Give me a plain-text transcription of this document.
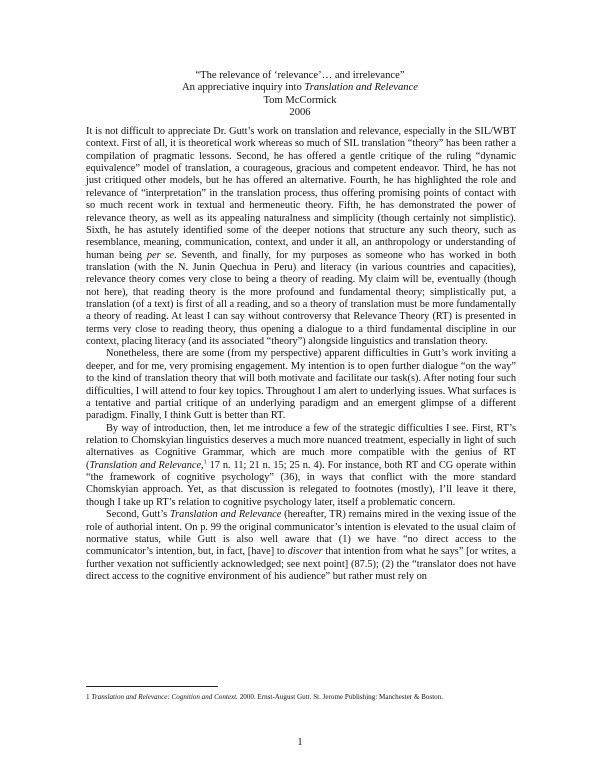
“The relevance of ‘relevance’… and irrelevance”
An appreciative inquiry into Translation and Relevance
Tom McCormick
2006

It is not difficult to appreciate Dr. Gutt’s work on translation and relevance, especially in the SIL/WBT context. First of all, it is theoretical work whereas so much of SIL translation “theory” has been rather a compilation of pragmatic lessons. Second, he has offered a gentle critique of the ruling “dynamic equivalence” model of translation, a courageous, gracious and competent endeavor. Third, he has not just critiqued other models, but he has offered an alternative. Fourth, he has highlighted the role and relevance of “interpretation” in the translation process, thus offering promising points of contact with so much recent work in textual and hermeneutic theory. Fifth, he has demonstrated the power of relevance theory, as well as its appealing naturalness and simplicity (though certainly not simplistic). Sixth, he has astutely identified some of the deeper notions that structure any such theory, such as resemblance, meaning, communication, context, and under it all, an anthropology or understanding of human being per se. Seventh, and finally, for my purposes as someone who has worked in both translation (with the N. Junin Quechua in Peru) and literacy (in various countries and capacities), relevance theory comes very close to being a theory of reading. My claim will be, eventually (though not here), that reading theory is the more profound and fundamental theory; simplistically put, a translation (of a text) is first of all a reading, and so a theory of translation must be more fundamentally a theory of reading. At least I can say without controversy that Relevance Theory (RT) is presented in terms very close to reading theory, thus opening a dialogue to a third fundamental discipline in our context, placing literacy (and its associated “theory”) alongside linguistics and translation theory.

Nonetheless, there are some (from my perspective) apparent difficulties in Gutt’s work inviting a deeper, and for me, very promising engagement. My intention is to open further dialogue “on the way” to the kind of translation theory that will both motivate and facilitate our task(s). After noting four such difficulties, I will attend to four key topics. Throughout I am alert to underlying issues. What surfaces is a tentative and partial critique of an underlying paradigm and an emergent glimpse of a different paradigm. Finally, I think Gutt is better than RT.

By way of introduction, then, let me introduce a few of the strategic difficulties I see. First, RT’s relation to Chomskyian linguistics deserves a much more nuanced treatment, especially in light of such alternatives as Cognitive Grammar, which are much more compatible with the genius of RT (Translation and Relevance,$^1$ 17 n. 11; 21 n. 15; 25 n. 4). For instance, both RT and CG operate within “the framework of cognitive psychology” (36), in ways that conflict with the more standard Chomskyian approach. Yet, as that discussion is relegated to footnotes (mostly), I’ll leave it there, though I take up RT’s relation to cognitive psychology later, itself a problematic concern.

Second, Gutt’s Translation and Relevance (hereafter, TR) remains mired in the vexing issue of the role of authorial intent. On p. 99 the original communicator’s intention is elevated to the usual claim of normative status, while Gutt is also well aware that (1) we have “no direct access to the communicator’s intention, but, in fact, [have] to discover that intention from what he says” [or writes, a further vexation not sufficiently acknowledged; see next point] (87.5); (2) the “translator does not have direct access to the cognitive environment of his audience” but rather must rely on

1 Translation and Relevance: Cognition and Context. 2000. Ernst-August Gutt. St. Jerome Publishing: Manchester & Boston.
1
